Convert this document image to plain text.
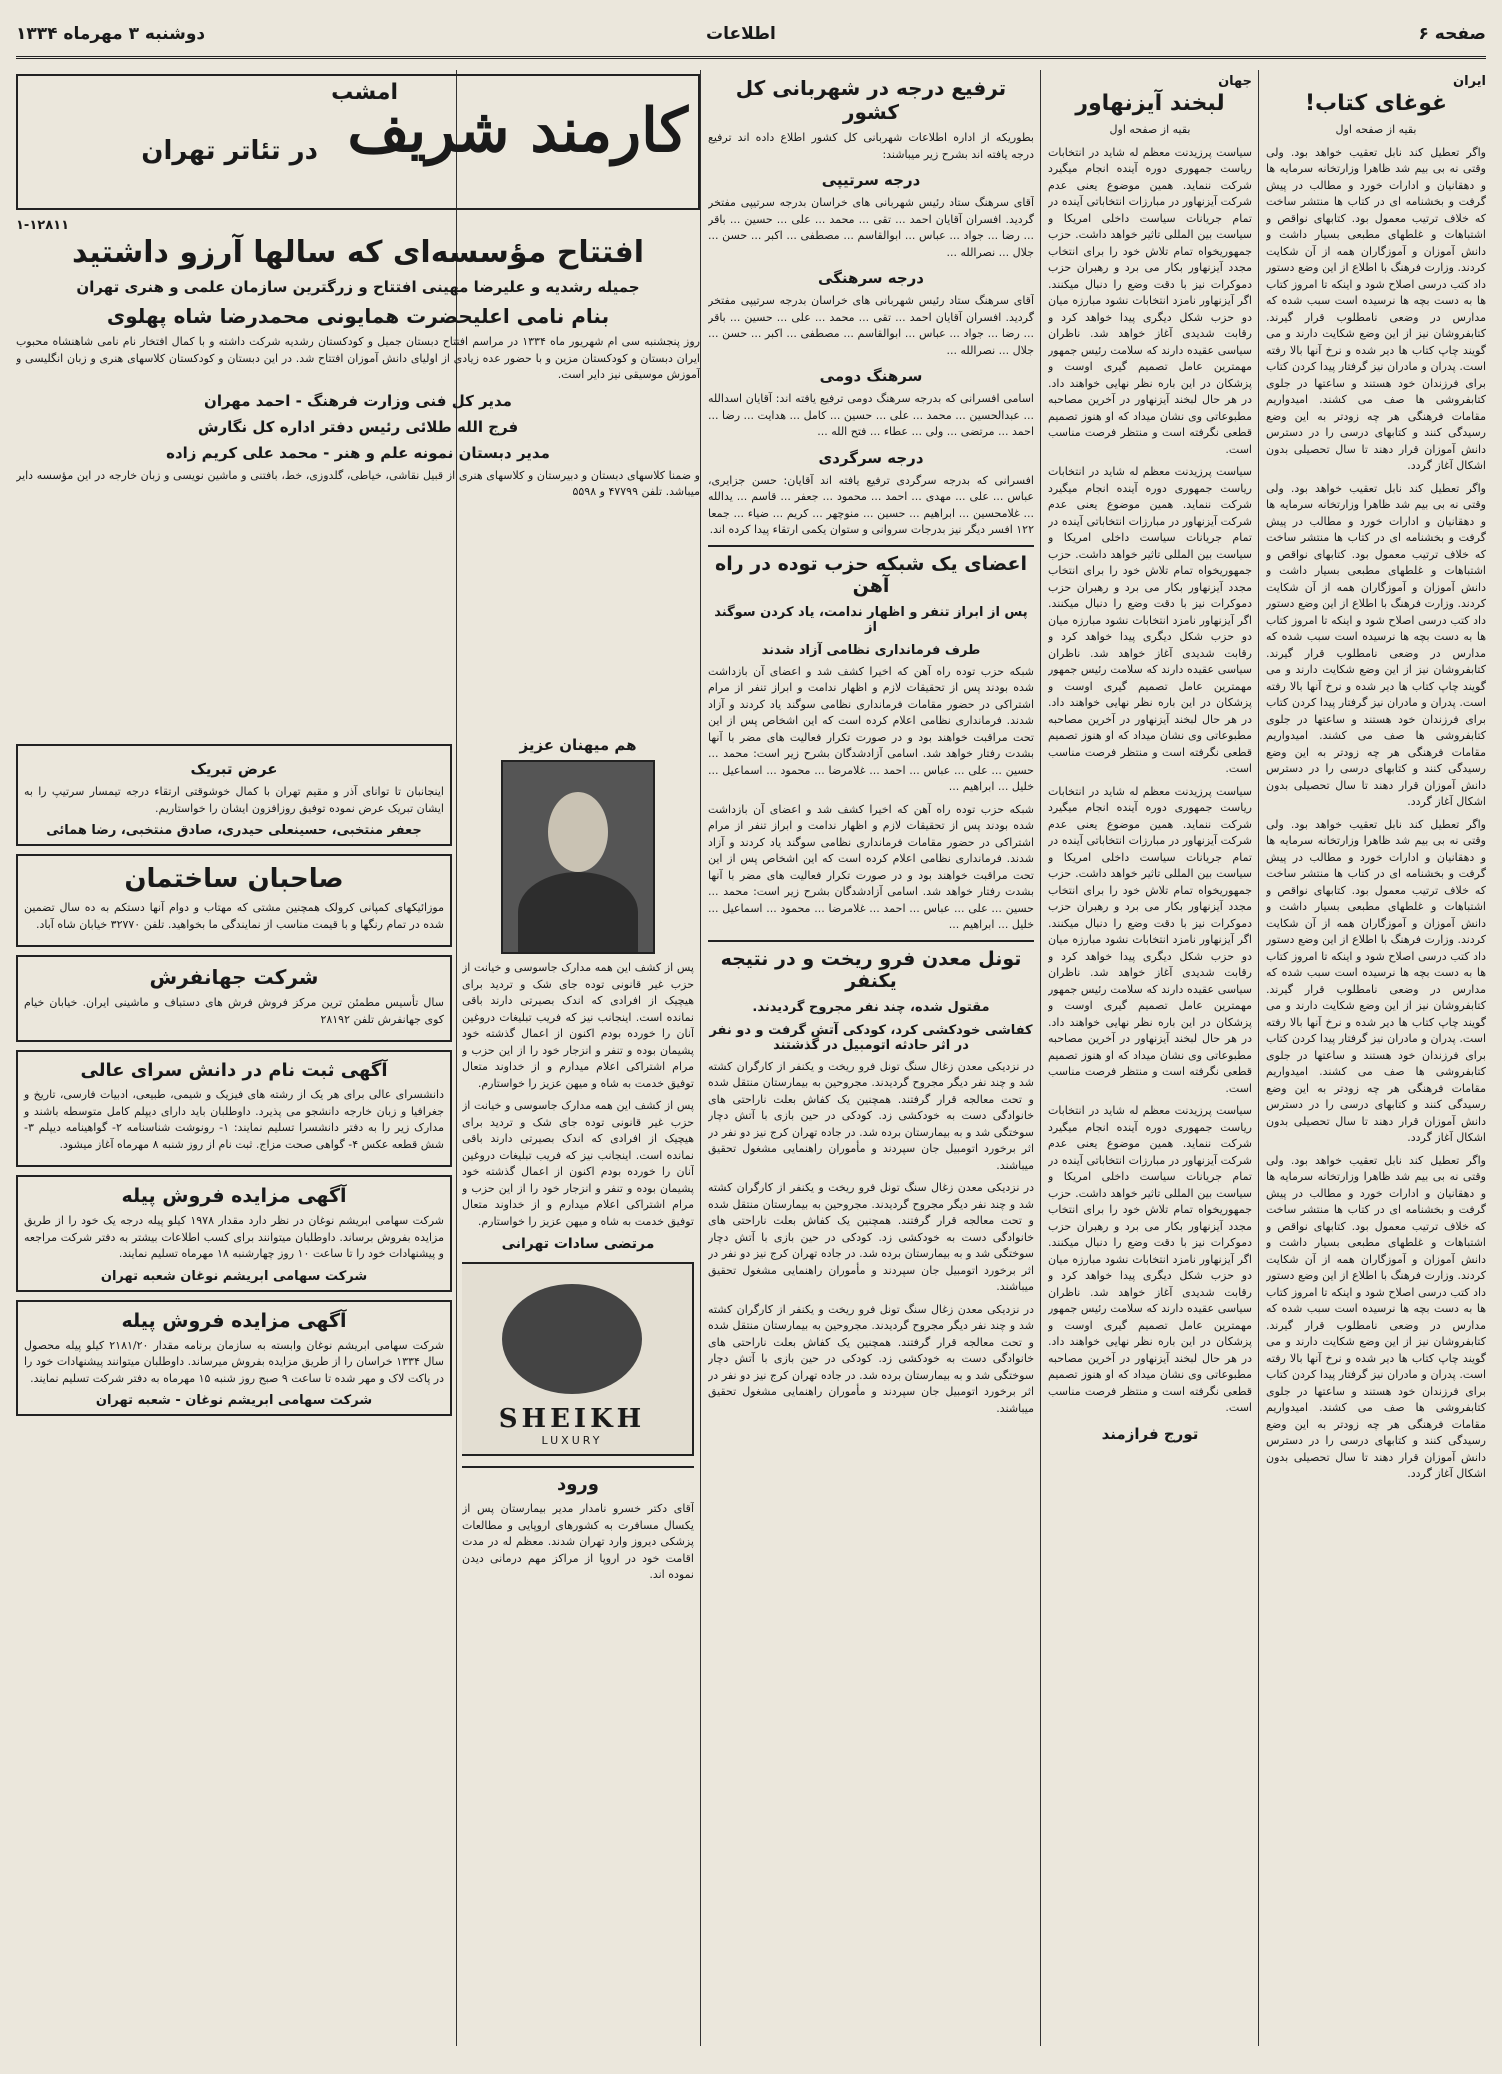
دوشنبه ۳ مهرماه ۱۳۳۴	اطلاعات	صفحه ۶
ایران
غوغای کتاب!
بقیه از صفحه اول

واگر تعطیل کند نابل تعقیب خواهد بود. ولی وقتی نه بی بیم شد ظاهرا وزارتخانه سرمایه ها و دهقانیان و ادارات خورد و مطالب در پیش گرفت و بخشنامه ای در کتاب ها منتشر ساخت که خلاف ترتیب معمول بود. کتابهای نواقص و اشتباهات و غلطهای مطبعی بسیار داشت و دانش آموزان و آموزگاران همه از آن شکایت کردند. وزارت فرهنگ با اطلاع از این وضع دستور داد کتب درسی اصلاح شود و اینکه تا امروز کتاب ها به دست بچه ها نرسیده است سبب شده که مدارس در وضعی نامطلوب قرار گیرند. کتابفروشان نیز از این وضع شکایت دارند و می گویند چاپ کتاب ها دیر شده و نرخ آنها بالا رفته است. پدران و مادران نیز گرفتار پیدا کردن کتاب برای فرزندان خود هستند و ساعتها در جلوی کتابفروشی ها صف می کشند. امیدواریم مقامات فرهنگی هر چه زودتر به این وضع رسیدگی کنند و کتابهای درسی را در دسترس دانش آموزان قرار دهند تا سال تحصیلی بدون اشکال آغاز گردد.

واگر تعطیل کند نابل تعقیب خواهد بود. ولی وقتی نه بی بیم شد ظاهرا وزارتخانه سرمایه ها و دهقانیان و ادارات خورد و مطالب در پیش گرفت و بخشنامه ای در کتاب ها منتشر ساخت که خلاف ترتیب معمول بود. کتابهای نواقص و اشتباهات و غلطهای مطبعی بسیار داشت و دانش آموزان و آموزگاران همه از آن شکایت کردند. وزارت فرهنگ با اطلاع از این وضع دستور داد کتب درسی اصلاح شود و اینکه تا امروز کتاب ها به دست بچه ها نرسیده است سبب شده که مدارس در وضعی نامطلوب قرار گیرند. کتابفروشان نیز از این وضع شکایت دارند و می گویند چاپ کتاب ها دیر شده و نرخ آنها بالا رفته است. پدران و مادران نیز گرفتار پیدا کردن کتاب برای فرزندان خود هستند و ساعتها در جلوی کتابفروشی ها صف می کشند. امیدواریم مقامات فرهنگی هر چه زودتر به این وضع رسیدگی کنند و کتابهای درسی را در دسترس دانش آموزان قرار دهند تا سال تحصیلی بدون اشکال آغاز گردد.

واگر تعطیل کند نابل تعقیب خواهد بود. ولی وقتی نه بی بیم شد ظاهرا وزارتخانه سرمایه ها و دهقانیان و ادارات خورد و مطالب در پیش گرفت و بخشنامه ای در کتاب ها منتشر ساخت که خلاف ترتیب معمول بود. کتابهای نواقص و اشتباهات و غلطهای مطبعی بسیار داشت و دانش آموزان و آموزگاران همه از آن شکایت کردند. وزارت فرهنگ با اطلاع از این وضع دستور داد کتب درسی اصلاح شود و اینکه تا امروز کتاب ها به دست بچه ها نرسیده است سبب شده که مدارس در وضعی نامطلوب قرار گیرند. کتابفروشان نیز از این وضع شکایت دارند و می گویند چاپ کتاب ها دیر شده و نرخ آنها بالا رفته است. پدران و مادران نیز گرفتار پیدا کردن کتاب برای فرزندان خود هستند و ساعتها در جلوی کتابفروشی ها صف می کشند. امیدواریم مقامات فرهنگی هر چه زودتر به این وضع رسیدگی کنند و کتابهای درسی را در دسترس دانش آموزان قرار دهند تا سال تحصیلی بدون اشکال آغاز گردد.

واگر تعطیل کند نابل تعقیب خواهد بود. ولی وقتی نه بی بیم شد ظاهرا وزارتخانه سرمایه ها و دهقانیان و ادارات خورد و مطالب در پیش گرفت و بخشنامه ای در کتاب ها منتشر ساخت که خلاف ترتیب معمول بود. کتابهای نواقص و اشتباهات و غلطهای مطبعی بسیار داشت و دانش آموزان و آموزگاران همه از آن شکایت کردند. وزارت فرهنگ با اطلاع از این وضع دستور داد کتب درسی اصلاح شود و اینکه تا امروز کتاب ها به دست بچه ها نرسیده است سبب شده که مدارس در وضعی نامطلوب قرار گیرند. کتابفروشان نیز از این وضع شکایت دارند و می گویند چاپ کتاب ها دیر شده و نرخ آنها بالا رفته است. پدران و مادران نیز گرفتار پیدا کردن کتاب برای فرزندان خود هستند و ساعتها در جلوی کتابفروشی ها صف می کشند. امیدواریم مقامات فرهنگی هر چه زودتر به این وضع رسیدگی کنند و کتابهای درسی را در دسترس دانش آموزان قرار دهند تا سال تحصیلی بدون اشکال آغاز گردد.

جهان
لبخند آیزنهاور
بقیه از صفحه اول

سیاست پرزیدنت معظم له شاید در انتخابات ریاست جمهوری دوره آینده انجام میگیرد شرکت ننماید. همین موضوع یعنی عدم شرکت آیزنهاور در مبارزات انتخاباتی آینده در تمام جریانات سیاست داخلی امریکا و سیاست بین المللی تاثیر خواهد داشت. حزب جمهوریخواه تمام تلاش خود را برای انتخاب مجدد آیزنهاور بکار می برد و رهبران حزب دموکرات نیز با دقت وضع را دنبال میکنند. اگر آیزنهاور نامزد انتخابات نشود مبارزه میان دو حزب شکل دیگری پیدا خواهد کرد و رقابت شدیدی آغاز خواهد شد. ناظران سیاسی عقیده دارند که سلامت رئیس جمهور مهمترین عامل تصمیم گیری اوست و پزشکان در این باره نظر نهایی خواهند داد. در هر حال لبخند آیزنهاور در آخرین مصاحبه مطبوعاتی وی نشان میداد که او هنوز تصمیم قطعی نگرفته است و منتظر فرصت مناسب است.

سیاست پرزیدنت معظم له شاید در انتخابات ریاست جمهوری دوره آینده انجام میگیرد شرکت ننماید. همین موضوع یعنی عدم شرکت آیزنهاور در مبارزات انتخاباتی آینده در تمام جریانات سیاست داخلی امریکا و سیاست بین المللی تاثیر خواهد داشت. حزب جمهوریخواه تمام تلاش خود را برای انتخاب مجدد آیزنهاور بکار می برد و رهبران حزب دموکرات نیز با دقت وضع را دنبال میکنند. اگر آیزنهاور نامزد انتخابات نشود مبارزه میان دو حزب شکل دیگری پیدا خواهد کرد و رقابت شدیدی آغاز خواهد شد. ناظران سیاسی عقیده دارند که سلامت رئیس جمهور مهمترین عامل تصمیم گیری اوست و پزشکان در این باره نظر نهایی خواهند داد. در هر حال لبخند آیزنهاور در آخرین مصاحبه مطبوعاتی وی نشان میداد که او هنوز تصمیم قطعی نگرفته است و منتظر فرصت مناسب است.

سیاست پرزیدنت معظم له شاید در انتخابات ریاست جمهوری دوره آینده انجام میگیرد شرکت ننماید. همین موضوع یعنی عدم شرکت آیزنهاور در مبارزات انتخاباتی آینده در تمام جریانات سیاست داخلی امریکا و سیاست بین المللی تاثیر خواهد داشت. حزب جمهوریخواه تمام تلاش خود را برای انتخاب مجدد آیزنهاور بکار می برد و رهبران حزب دموکرات نیز با دقت وضع را دنبال میکنند. اگر آیزنهاور نامزد انتخابات نشود مبارزه میان دو حزب شکل دیگری پیدا خواهد کرد و رقابت شدیدی آغاز خواهد شد. ناظران سیاسی عقیده دارند که سلامت رئیس جمهور مهمترین عامل تصمیم گیری اوست و پزشکان در این باره نظر نهایی خواهند داد. در هر حال لبخند آیزنهاور در آخرین مصاحبه مطبوعاتی وی نشان میداد که او هنوز تصمیم قطعی نگرفته است و منتظر فرصت مناسب است.

سیاست پرزیدنت معظم له شاید در انتخابات ریاست جمهوری دوره آینده انجام میگیرد شرکت ننماید. همین موضوع یعنی عدم شرکت آیزنهاور در مبارزات انتخاباتی آینده در تمام جریانات سیاست داخلی امریکا و سیاست بین المللی تاثیر خواهد داشت. حزب جمهوریخواه تمام تلاش خود را برای انتخاب مجدد آیزنهاور بکار می برد و رهبران حزب دموکرات نیز با دقت وضع را دنبال میکنند. اگر آیزنهاور نامزد انتخابات نشود مبارزه میان دو حزب شکل دیگری پیدا خواهد کرد و رقابت شدیدی آغاز خواهد شد. ناظران سیاسی عقیده دارند که سلامت رئیس جمهور مهمترین عامل تصمیم گیری اوست و پزشکان در این باره نظر نهایی خواهند داد. در هر حال لبخند آیزنهاور در آخرین مصاحبه مطبوعاتی وی نشان میداد که او هنوز تصمیم قطعی نگرفته است و منتظر فرصت مناسب است.

تورج فرازمند
ترفیع درجه در شهربانی کل کشور

بطوریکه از اداره اطلاعات شهربانی کل کشور اطلاع داده اند ترفیع درجه یافته اند بشرح زیر میباشند:

درجه سرتیپی

آقای سرهنگ ستاد رئیس شهربانی های خراسان بدرجه سرتیپی مفتخر گردید. افسران آقایان احمد ... تقی ... محمد ... علی ... حسین ... باقر ... رضا ... جواد ... عباس ... ابوالقاسم ... مصطفی ... اکبر ... حسن ... جلال ... نصرالله ...

درجه سرهنگی

آقای سرهنگ ستاد رئیس شهربانی های خراسان بدرجه سرتیپی مفتخر گردید. افسران آقایان احمد ... تقی ... محمد ... علی ... حسین ... باقر ... رضا ... جواد ... عباس ... ابوالقاسم ... مصطفی ... اکبر ... حسن ... جلال ... نصرالله ...

سرهنگ دومی

اسامی افسرانی که بدرجه سرهنگ دومی ترفیع یافته اند: آقایان اسدالله ... عبدالحسین ... محمد ... علی ... حسین ... کامل ... هدایت ... رضا ... احمد ... مرتضی ... ولی ... عطاء ... فتح الله ...

درجه سرگردی

افسرانی که بدرجه سرگردی ترفیع یافته اند آقایان: حسن جزایری، عباس ... علی ... مهدی ... احمد ... محمود ... جعفر ... قاسم ... یدالله ... غلامحسین ... ابراهیم ... حسین ... منوچهر ... کریم ... ضیاء ... جمعا ۱۲۲ افسر دیگر نیز بدرجات سروانی و ستوان یکمی ارتقاء پیدا کرده اند.

اعضای یک شبکه حزب توده در راه آهن
پس از ابراز تنفر و اظهار ندامت، یاد کردن سوگند از
طرف فرمانداری نظامی آزاد شدند

شبکه حزب توده راه آهن که اخیرا کشف شد و اعضای آن بازداشت شده بودند پس از تحقیقات لازم و اظهار ندامت و ابراز تنفر از مرام اشتراکی در حضور مقامات فرمانداری نظامی سوگند یاد کردند و آزاد شدند. فرمانداری نظامی اعلام کرده است که این اشخاص پس از این تحت مراقبت خواهند بود و در صورت تکرار فعالیت های مضر با آنها بشدت رفتار خواهد شد. اسامی آزادشدگان بشرح زیر است: محمد ... حسین ... علی ... عباس ... احمد ... غلامرضا ... محمود ... اسماعیل ... خلیل ... ابراهیم ...

شبکه حزب توده راه آهن که اخیرا کشف شد و اعضای آن بازداشت شده بودند پس از تحقیقات لازم و اظهار ندامت و ابراز تنفر از مرام اشتراکی در حضور مقامات فرمانداری نظامی سوگند یاد کردند و آزاد شدند. فرمانداری نظامی اعلام کرده است که این اشخاص پس از این تحت مراقبت خواهند بود و در صورت تکرار فعالیت های مضر با آنها بشدت رفتار خواهد شد. اسامی آزادشدگان بشرح زیر است: محمد ... حسین ... علی ... عباس ... احمد ... غلامرضا ... محمود ... اسماعیل ... خلیل ... ابراهیم ...

تونل معدن فرو ریخت و در نتیجه یکنفر
مقتول شده، چند نفر مجروح گردیدند.
کفاشی خودکشی کرد، کودکی آتش گرفت و دو نفر در اثر حادثه اتومبیل در گذشتند

در نزدیکی معدن زغال سنگ تونل فرو ریخت و یکنفر از کارگران کشته شد و چند نفر دیگر مجروح گردیدند. مجروحین به بیمارستان منتقل شده و تحت معالجه قرار گرفتند. همچنین یک کفاش بعلت ناراحتی های خانوادگی دست به خودکشی زد. کودکی در حین بازی با آتش دچار سوختگی شد و به بیمارستان برده شد. در جاده تهران کرج نیز دو نفر در اثر برخورد اتومبیل جان سپردند و مأموران راهنمایی مشغول تحقیق میباشند.

در نزدیکی معدن زغال سنگ تونل فرو ریخت و یکنفر از کارگران کشته شد و چند نفر دیگر مجروح گردیدند. مجروحین به بیمارستان منتقل شده و تحت معالجه قرار گرفتند. همچنین یک کفاش بعلت ناراحتی های خانوادگی دست به خودکشی زد. کودکی در حین بازی با آتش دچار سوختگی شد و به بیمارستان برده شد. در جاده تهران کرج نیز دو نفر در اثر برخورد اتومبیل جان سپردند و مأموران راهنمایی مشغول تحقیق میباشند.

در نزدیکی معدن زغال سنگ تونل فرو ریخت و یکنفر از کارگران کشته شد و چند نفر دیگر مجروح گردیدند. مجروحین به بیمارستان منتقل شده و تحت معالجه قرار گرفتند. همچنین یک کفاش بعلت ناراحتی های خانوادگی دست به خودکشی زد. کودکی در حین بازی با آتش دچار سوختگی شد و به بیمارستان برده شد. در جاده تهران کرج نیز دو نفر در اثر برخورد اتومبیل جان سپردند و مأموران راهنمایی مشغول تحقیق میباشند.

هم میهنان عزیز

پس از کشف این همه مدارک جاسوسی و خیانت از حزب غیر قانونی توده جای شک و تردید برای هیچیک از افرادی که اندک بصیرتی دارند باقی نمانده است. اینجانب نیز که فریب تبلیغات دروغین آنان را خورده بودم اکنون از اعمال گذشته خود پشیمان بوده و تنفر و انزجار خود را از این حزب و مرام اشتراکی اعلام میدارم و از خداوند متعال توفیق خدمت به شاه و میهن عزیز را خواستارم.

پس از کشف این همه مدارک جاسوسی و خیانت از حزب غیر قانونی توده جای شک و تردید برای هیچیک از افرادی که اندک بصیرتی دارند باقی نمانده است. اینجانب نیز که فریب تبلیغات دروغین آنان را خورده بودم اکنون از اعمال گذشته خود پشیمان بوده و تنفر و انزجار خود را از این حزب و مرام اشتراکی اعلام میدارم و از خداوند متعال توفیق خدمت به شاه و میهن عزیز را خواستارم.

مرتضی سادات تهرانی
SHEIKH
LUXURY
ورود

آقای دکتر خسرو نامدار مدیر بیمارستان پس از یکسال مسافرت به کشورهای اروپایی و مطالعات پزشکی دیروز وارد تهران شدند. معظم له در مدت اقامت خود در اروپا از مراکز مهم درمانی دیدن نموده اند.

امشب
کارمند شریف
در تئاتر تهران
۱-۱۲۸۱۱
افتتاح مؤسسه‌ای که سالها آرزو داشتید
جمیله رشدیه و علیرضا مهینی افتتاح و زرگترین سازمان علمی و هنری تهران
بنام نامی اعلیحضرت همایونی محمدرضا شاه پهلوی

روز پنجشنبه سی ام شهریور ماه ۱۳۳۴ در مراسم افتتاح دبستان جمیل و کودکستان رشدیه شرکت داشته و با کمال افتخار نام نامی شاهنشاه محبوب ایران دبستان و کودکستان مزین و با حضور عده زیادی از اولیای دانش آموزان افتتاح شد. در این دبستان و کودکستان کلاسهای هنری و زبان انگلیسی و آموزش موسیقی نیز دایر است.

مدیر کل فنی وزارت فرهنگ - احمد مهران
فرج الله طلائی رئیس دفتر اداره کل نگارش
مدیر دبستان نمونه علم و هنر - محمد علی کریم زاده

و ضمنا کلاسهای دبستان و دبیرستان و کلاسهای هنری از قبیل نقاشی، خیاطی، گلدوزی، خط، بافتنی و ماشین نویسی و زبان خارجه در این مؤسسه دایر میباشد. تلفن ۴۷۷۹۹ و ۵۵۹۸

عرض تبریک

اینجانبان تا توانای آذر و مقیم تهران با کمال خوشوقتی ارتقاء درجه تیمسار سرتیپ را به ایشان تبریک عرض نموده توفیق روزافزون ایشان را خواستاریم.

جعفر منتخبی، حسینعلی حیدری، صادق منتخبی، رضا همائی
صاحبان ساختمان

موزائیکهای کمپانی کرولک همچنین مشتی که مهتاب و دوام آنها دستکم به ده سال تضمین شده در تمام رنگها و با قیمت مناسب از نمایندگی ما بخواهید. تلفن ۳۲۷۷۰ خیابان شاه آباد.

شرکت جهانفرش

سال تأسیس مطمئن ترین مرکز فروش فرش های دستباف و ماشینی ایران. خیابان خیام کوی جهانفرش تلفن ۲۸۱۹۲

آگهی ثبت نام در دانش سرای عالی

دانشسرای عالی برای هر یک از رشته های فیزیک و شیمی، طبیعی، ادبیات فارسی، تاریخ و جغرافیا و زبان خارجه دانشجو می پذیرد. داوطلبان باید دارای دیپلم کامل متوسطه باشند و مدارک زیر را به دفتر دانشسرا تسلیم نمایند: ۱- رونوشت شناسنامه ۲- گواهینامه دیپلم ۳- شش قطعه عکس ۴- گواهی صحت مزاج. ثبت نام از روز شنبه ۸ مهرماه آغاز میشود.

آگهی مزایده فروش پیله

شرکت سهامی ابریشم نوغان در نظر دارد مقدار ۱۹۷۸ کیلو پیله درجه یک خود را از طریق مزایده بفروش برساند. داوطلبان میتوانند برای کسب اطلاعات بیشتر به دفتر شرکت مراجعه و پیشنهادات خود را تا ساعت ۱۰ روز چهارشنبه ۱۸ مهرماه تسلیم نمایند.

شرکت سهامی ابریشم نوغان شعبه تهران
آگهی مزایده فروش پیله

شرکت سهامی ابریشم نوغان وابسته به سازمان برنامه مقدار ۲۱۸۱/۲۰ کیلو پیله محصول سال ۱۳۳۴ خراسان را از طریق مزایده بفروش میرساند. داوطلبان میتوانند پیشنهادات خود را در پاکت لاک و مهر شده تا ساعت ۹ صبح روز شنبه ۱۵ مهرماه به دفتر شرکت تسلیم نمایند.

شرکت سهامی ابریشم نوغان - شعبه تهران
